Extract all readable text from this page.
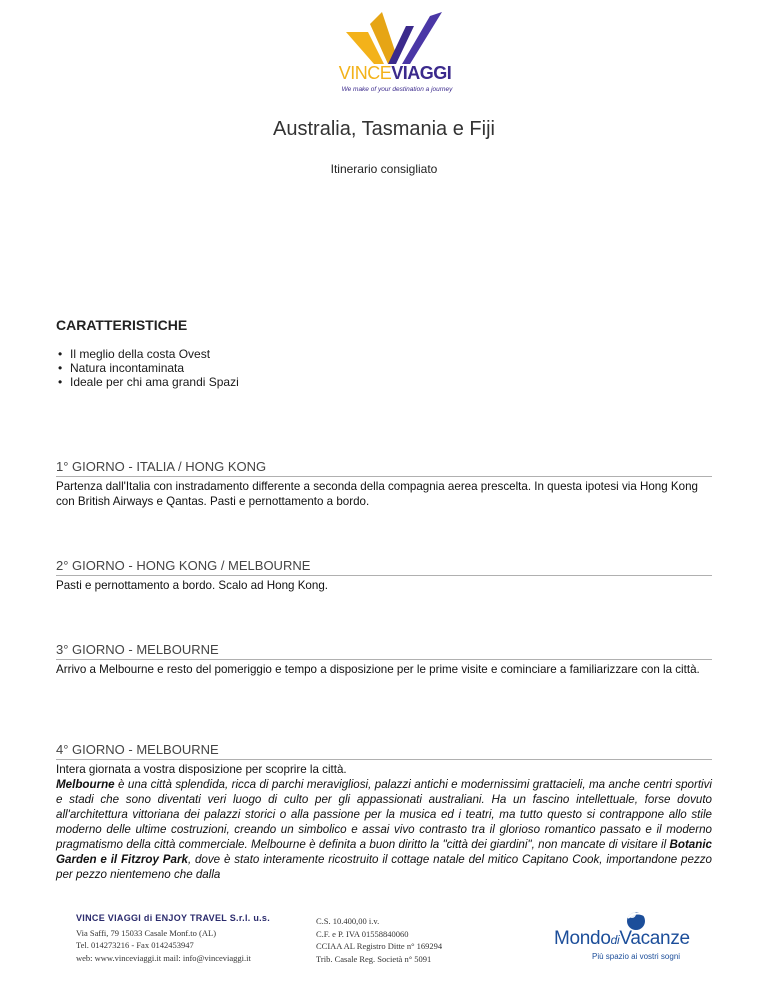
VINCEVIAGGI
We make of your destination a journey
Australia, Tasmania e Fiji
Itinerario consigliato
CARATTERISTICHE
• Il meglio della costa Ovest
• Natura incontaminata
• Ideale per chi ama grandi Spazi
1° GIORNO - ITALIA / HONG KONG
Partenza dall'Italia con instradamento differente a seconda della compagnia aerea prescelta. In questa ipotesi via Hong Kong con British Airways e Qantas. Pasti e pernottamento a bordo.
2° GIORNO - HONG KONG / MELBOURNE
Pasti e pernottamento a bordo. Scalo ad Hong Kong.
3° GIORNO - MELBOURNE
Arrivo a Melbourne e resto del pomeriggio e tempo a disposizione per le prime visite e cominciare a familiarizzare con la città.
4° GIORNO - MELBOURNE
Intera giornata a vostra disposizione per scoprire la città.
Melbourne è una città splendida, ricca di parchi meravigliosi, palazzi antichi e modernissimi grattacieli, ma anche centri sportivi e stadi che sono diventati veri luogo di culto per gli appassionati australiani. Ha un fascino intellettuale, forse dovuto all'architettura vittoriana dei palazzi storici o alla passione per la musica ed i teatri, ma tutto questo si contrappone allo stile moderno delle ultime costruzioni, creando un simbolico e assai vivo contrasto tra il glorioso romantico passato e il moderno pragmatismo della città commerciale. Melbourne è definita a buon diritto la "città dei giardini", non mancate di visitare il Botanic Garden e il Fitzroy Park, dove è stato interamente ricostruito il cottage natale del mitico Capitano Cook, importandone pezzo per pezzo nientemeno che dalla
VINCE VIAGGI di ENJOY TRAVEL S.r.l. u.s.
Via Saffi, 79 15033 Casale Monf.to (AL)
Tel. 014273216 - Fax 0142453947
web: www.vinceviaggi.it mail: info@vinceviaggi.it
C.S. 10.400,00 i.v.
C.F. e P. IVA 01558840060
CCIAA AL Registro Ditte n° 169294
Trib. Casale Reg. Società n° 5091
MondodiVacanze
Più spazio ai vostri sogni
